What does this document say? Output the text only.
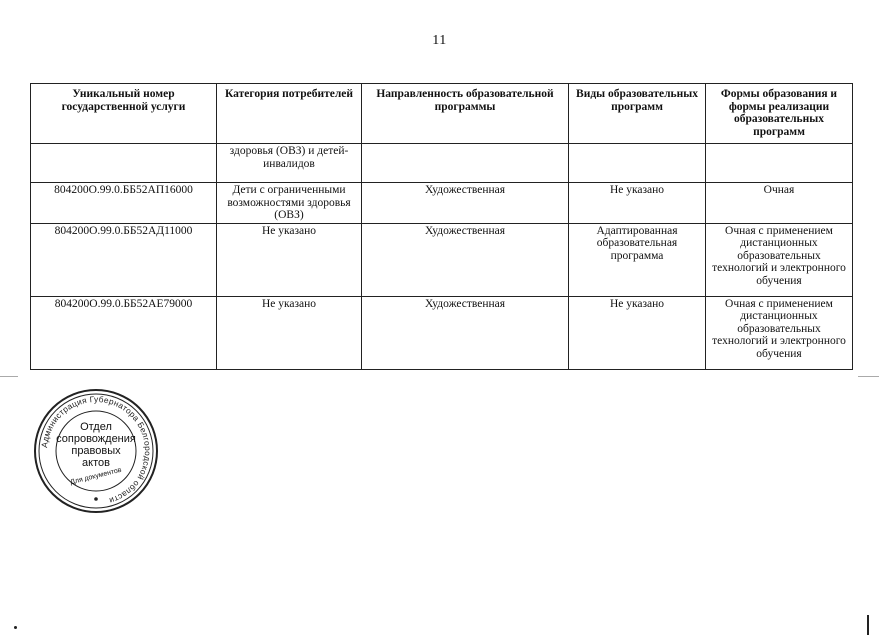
11
Уникальный номер государственной услуги	Категория потребителей	Направленность образовательной программы	Виды образовательных программ	Формы образования и формы реализации образовательных программ
	здоровья (ОВЗ) и детей-инвалидов			
804200О.99.0.ББ52АП16000	Дети с ограниченными возможностями здоровья (ОВЗ)	Художественная	Не указано	Очная
804200О.99.0.ББ52АД11000	Не указано	Художественная	Адаптированная образовательная программа	Очная с применением дистанционных образовательных технологий и электронного обучения
804200О.99.0.ББ52АЕ79000	Не указано	Художественная	Не указано	Очная с применением дистанционных образовательных технологий и электронного обучения
Администрация Губернатора Белгородской области
Отдел
сопровождения
правовых
актов
Для документов
